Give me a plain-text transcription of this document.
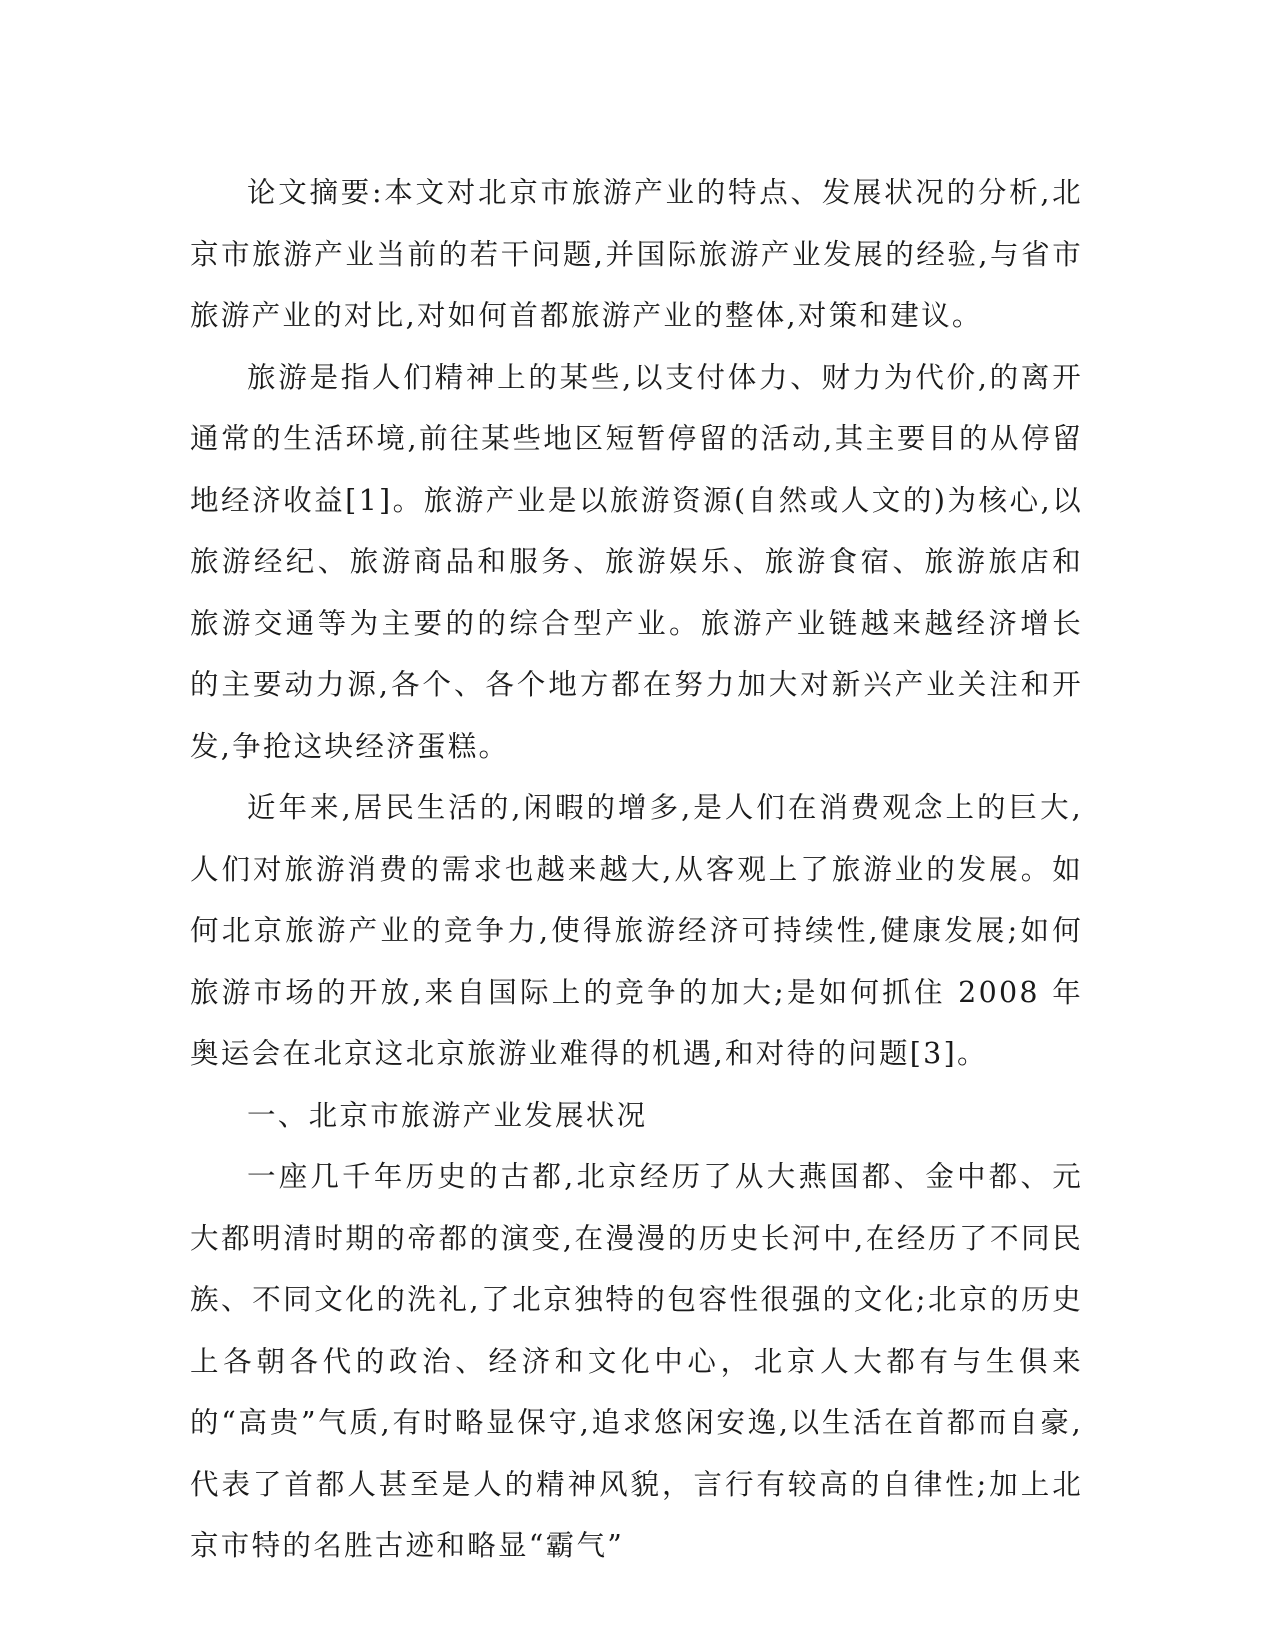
论文摘要:本文对北京市旅游产业的特点、发展状况的分析,北京市旅游产业当前的若干问题,并国际旅游产业发展的经验,与省市旅游产业的对比,对如何首都旅游产业的整体,对策和建议。

旅游是指人们精神上的某些,以支付体力、财力为代价,的离开通常的生活环境,前往某些地区短暂停留的活动,其主要目的从停留地经济收益[1]。旅游产业是以旅游资源(自然或人文的)为核心,以旅游经纪、旅游商品和服务、旅游娱乐、旅游食宿、旅游旅店和旅游交通等为主要的的综合型产业。旅游产业链越来越经济增长的主要动力源,各个、各个地方都在努力加大对新兴产业关注和开发,争抢这块经济蛋糕。

近年来,居民生活的,闲暇的增多,是人们在消费观念上的巨大,人们对旅游消费的需求也越来越大,从客观上了旅游业的发展。如何北京旅游产业的竞争力,使得旅游经济可持续性,健康发展;如何旅游市场的开放,来自国际上的竞争的加大;是如何抓住 2008 年奥运会在北京这北京旅游业难得的机遇,和对待的问题[3]。

一、北京市旅游产业发展状况

一座几千年历史的古都,北京经历了从大燕国都、金中都、元大都明清时期的帝都的演变,在漫漫的历史长河中,在经历了不同民族、不同文化的洗礼,了北京独特的包容性很强的文化;北京的历史上各朝各代的政治、经济和文化中心，北京人大都有与生俱来的“高贵”气质,有时略显保守,追求悠闲安逸,以生活在首都而自豪,代表了首都人甚至是人的精神风貌，言行有较高的自律性;加上北京市特的名胜古迹和略显“霸气”
